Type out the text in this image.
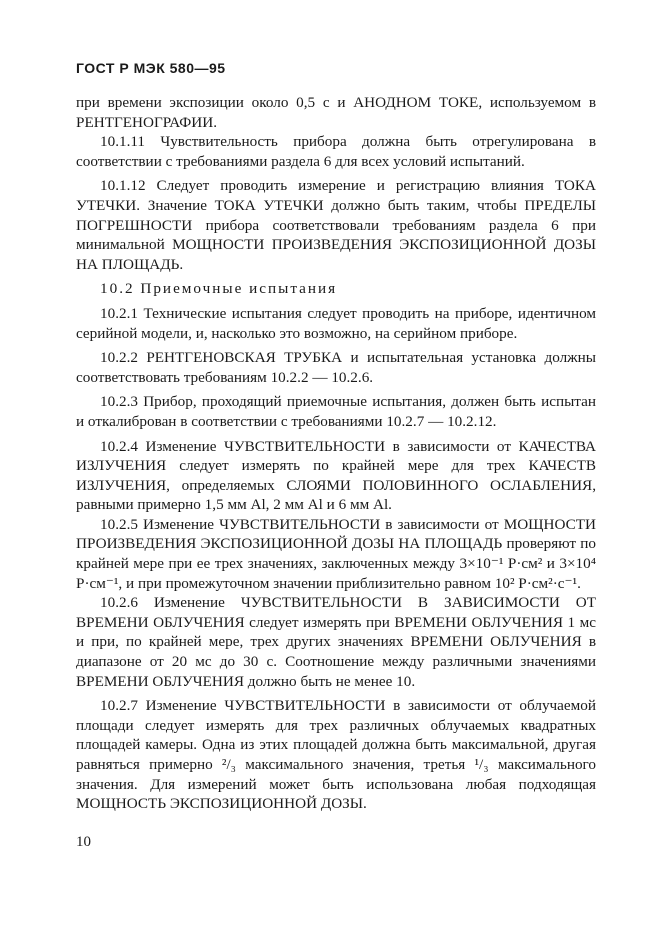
ГОСТ Р МЭК 580—95

при времени экспозиции около 0,5 с и АНОДНОМ ТОКЕ, используемом в РЕНТГЕНОГРАФИИ.

10.1.11 Чувствительность прибора должна быть отрегулирована в соответствии с требованиями раздела 6 для всех условий испытаний.

10.1.12 Следует проводить измерение и регистрацию влияния ТОКА УТЕЧКИ. Значение ТОКА УТЕЧКИ должно быть таким, чтобы ПРЕДЕЛЫ ПОГРЕШНОСТИ прибора соответствовали требованиям раздела 6 при минимальной МОЩНОСТИ ПРОИЗВЕДЕНИЯ ЭКСПОЗИЦИОННОЙ ДОЗЫ НА ПЛОЩАДЬ.

10.2 Приемочные испытания

10.2.1 Технические испытания следует проводить на приборе, идентичном серийной модели, и, насколько это возможно, на серийном приборе.

10.2.2 РЕНТГЕНОВСКАЯ ТРУБКА и испытательная установка должны соответствовать требованиям 10.2.2 — 10.2.6.

10.2.3 Прибор, проходящий приемочные испытания, должен быть испытан и откалиброван в соответствии с требованиями 10.2.7 — 10.2.12.

10.2.4 Изменение ЧУВСТВИТЕЛЬНОСТИ в зависимости от КАЧЕСТВА ИЗЛУЧЕНИЯ следует измерять по крайней мере для трех КАЧЕСТВ ИЗЛУЧЕНИЯ, определяемых СЛОЯМИ ПОЛОВИННОГО ОСЛАБЛЕНИЯ, равными примерно 1,5 мм Al, 2 мм Al и 6 мм Al.

10.2.5 Изменение ЧУВСТВИТЕЛЬНОСТИ в зависимости от МОЩНОСТИ ПРОИЗВЕДЕНИЯ ЭКСПОЗИЦИОННОЙ ДОЗЫ НА ПЛОЩАДЬ проверяют по крайней мере при ее трех значениях, заключенных между 3×10⁻¹ Р·см² и 3×10⁴ Р·см⁻¹, и при промежуточном значении приблизительно равном 10² Р·см²·с⁻¹.

10.2.6 Изменение ЧУВСТВИТЕЛЬНОСТИ В ЗАВИСИМОСТИ ОТ ВРЕМЕНИ ОБЛУЧЕНИЯ следует измерять при ВРЕМЕНИ ОБЛУЧЕНИЯ 1 мс и при, по крайней мере, трех других значениях ВРЕМЕНИ ОБЛУЧЕНИЯ в диапазоне от 20 мс до 30 с. Соотношение между различными значениями ВРЕМЕНИ ОБЛУЧЕНИЯ должно быть не менее 10.

10.2.7 Изменение ЧУВСТВИТЕЛЬНОСТИ в зависимости от облучаемой площади следует измерять для трех различных облучаемых квадратных площадей камеры. Одна из этих площадей должна быть максимальной, другая равняться примерно ²/₃ максимального значения, третья ¹/₃ максимального значения. Для измерений может быть использована любая подходящая МОЩНОСТЬ ЭКСПОЗИЦИОННОЙ ДОЗЫ.

10
